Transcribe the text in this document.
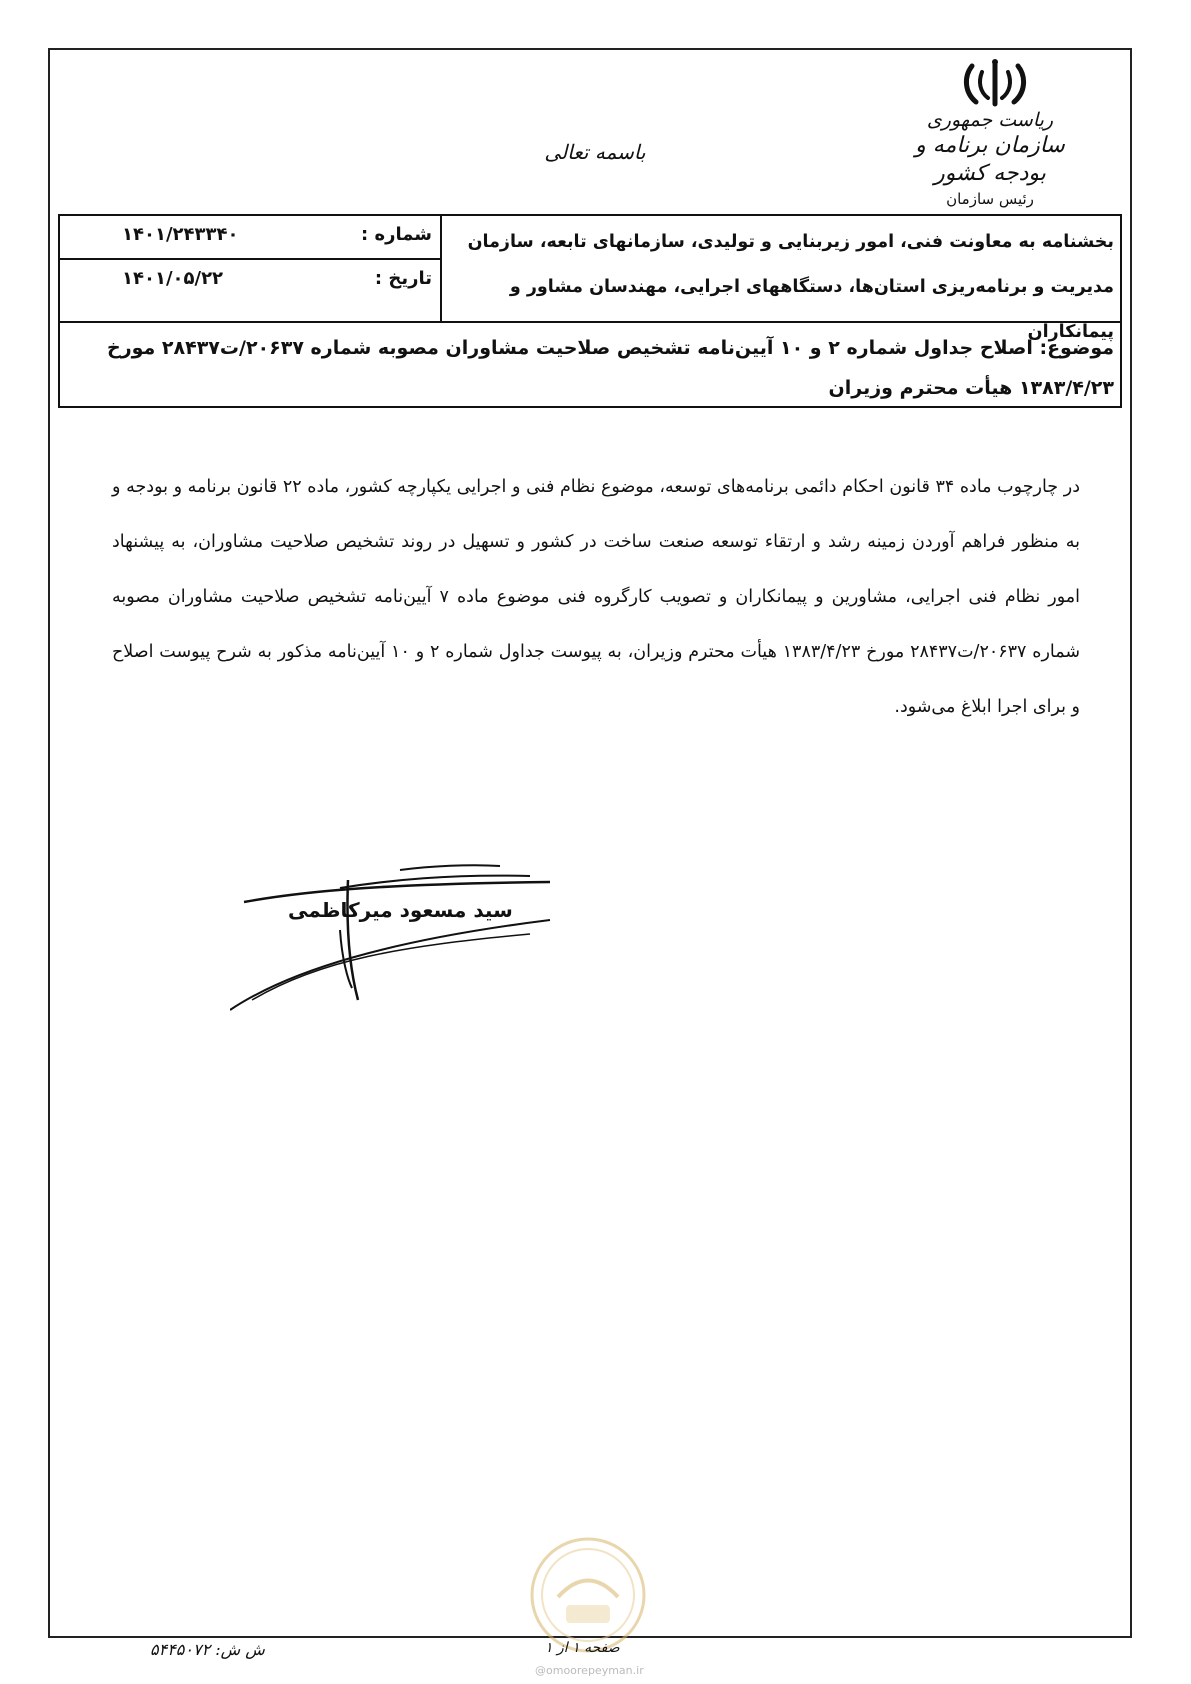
ریاست جمهوری
سازمان برنامه و بودجه کشور
رئیس سازمان
باسمه تعالی
بخشنامه به معاونت فنی، امور زیربنایی و تولیدی، سازمانهای تابعه، سازمان مدیریت و برنامه‌ریزی استان‌ها، دستگاههای اجرایی، مهندسان مشاور و پیمانکاران
شماره :
۱۴۰۱/۲۴۳۳۴۰
تاریخ :
۱۴۰۱/۰۵/۲۲
موضوع: اصلاح جداول شماره ۲ و ۱۰ آیین‌نامه تشخیص صلاحیت مشاوران مصوبه شماره ۲۰۶۳۷/ت۲۸۴۳۷ مورخ ۱۳۸۳/۴/۲۳ هیأت محترم وزیران
در چارچوب ماده ۳۴ قانون احکام دائمی برنامه‌های توسعه، موضوع نظام فنی و اجرایی یکپارچه کشور، ماده ۲۲ قانون برنامه و بودجه و به منظور فراهم آوردن زمینه رشد و ارتقاء توسعه صنعت ساخت در کشور و تسهیل در روند تشخیص صلاحیت مشاوران، به پیشنهاد امور نظام فنی اجرایی، مشاورین و پیمانکاران و تصویب کارگروه فنی موضوع ماده ۷ آیین‌نامه تشخیص صلاحیت مشاوران مصوبه شماره ۲۰۶۳۷/ت۲۸۴۳۷ مورخ ۱۳۸۳/۴/۲۳ هیأت محترم وزیران، به پیوست جداول شماره ۲ و ۱۰ آیین‌نامه مذکور به شرح پیوست اصلاح و برای اجرا ابلاغ می‌شود.
سید مسعود میرکاظمی
ش ش: ۵۴۴۵۰۷۲	صفحه ۱ از ۱
@omoorepeyman.ir
